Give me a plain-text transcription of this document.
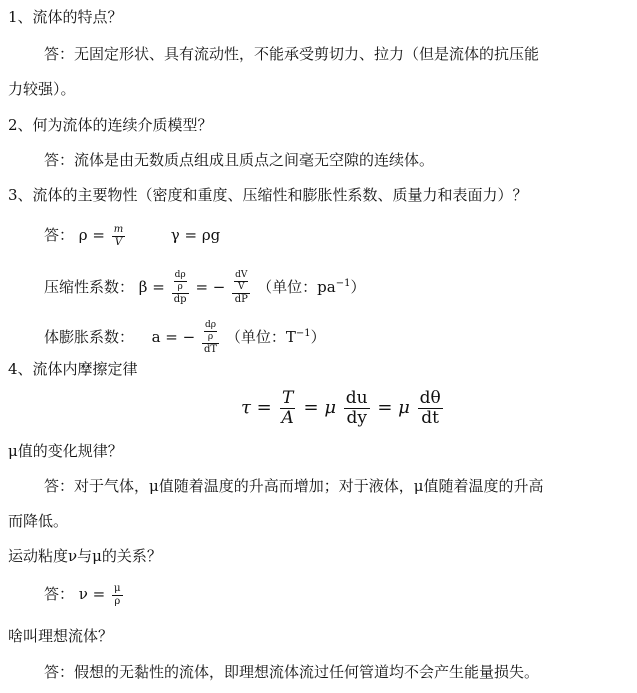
1、流体的特点？
答：无固定形状、具有流动性，不能承受剪切力、拉力（但是流体的抗压能
力较强）。
2、何为流体的连续介质模型？
答：流体是由无数质点组成且质点之间毫无空隙的连续体。
3、流体的主要物性（密度和重度、压缩性和膨胀性系数、质量力和表面力）？
答： $\rho = \frac{m}{V}$	γ = ρg
压缩性系数： $\beta = \frac{\frac{d\rho}{\rho}}{dp}$ = − $\frac{\frac{dV}{V}}{dP}$ （单位：$pa^{-1}$）
体膨胀系数： a = − $\frac{\frac{d\rho}{\rho}}{dT}$ （单位：$T^{-1}$）
4、流体内摩擦定律
$\tau = \frac{T}{A} = \mu \frac{du}{dy} = \mu \frac{d\theta}{dt}$
μ值的变化规律？
答：对于气体，μ值随着温度的升高而增加；对于液体，μ值随着温度的升高
而降低。
运动粘度ν与μ的关系？
答： $\nu = \frac{\mu}{\rho}$
啥叫理想流体？
答：假想的无黏性的流体，即理想流体流过任何管道均不会产生能量损失。
